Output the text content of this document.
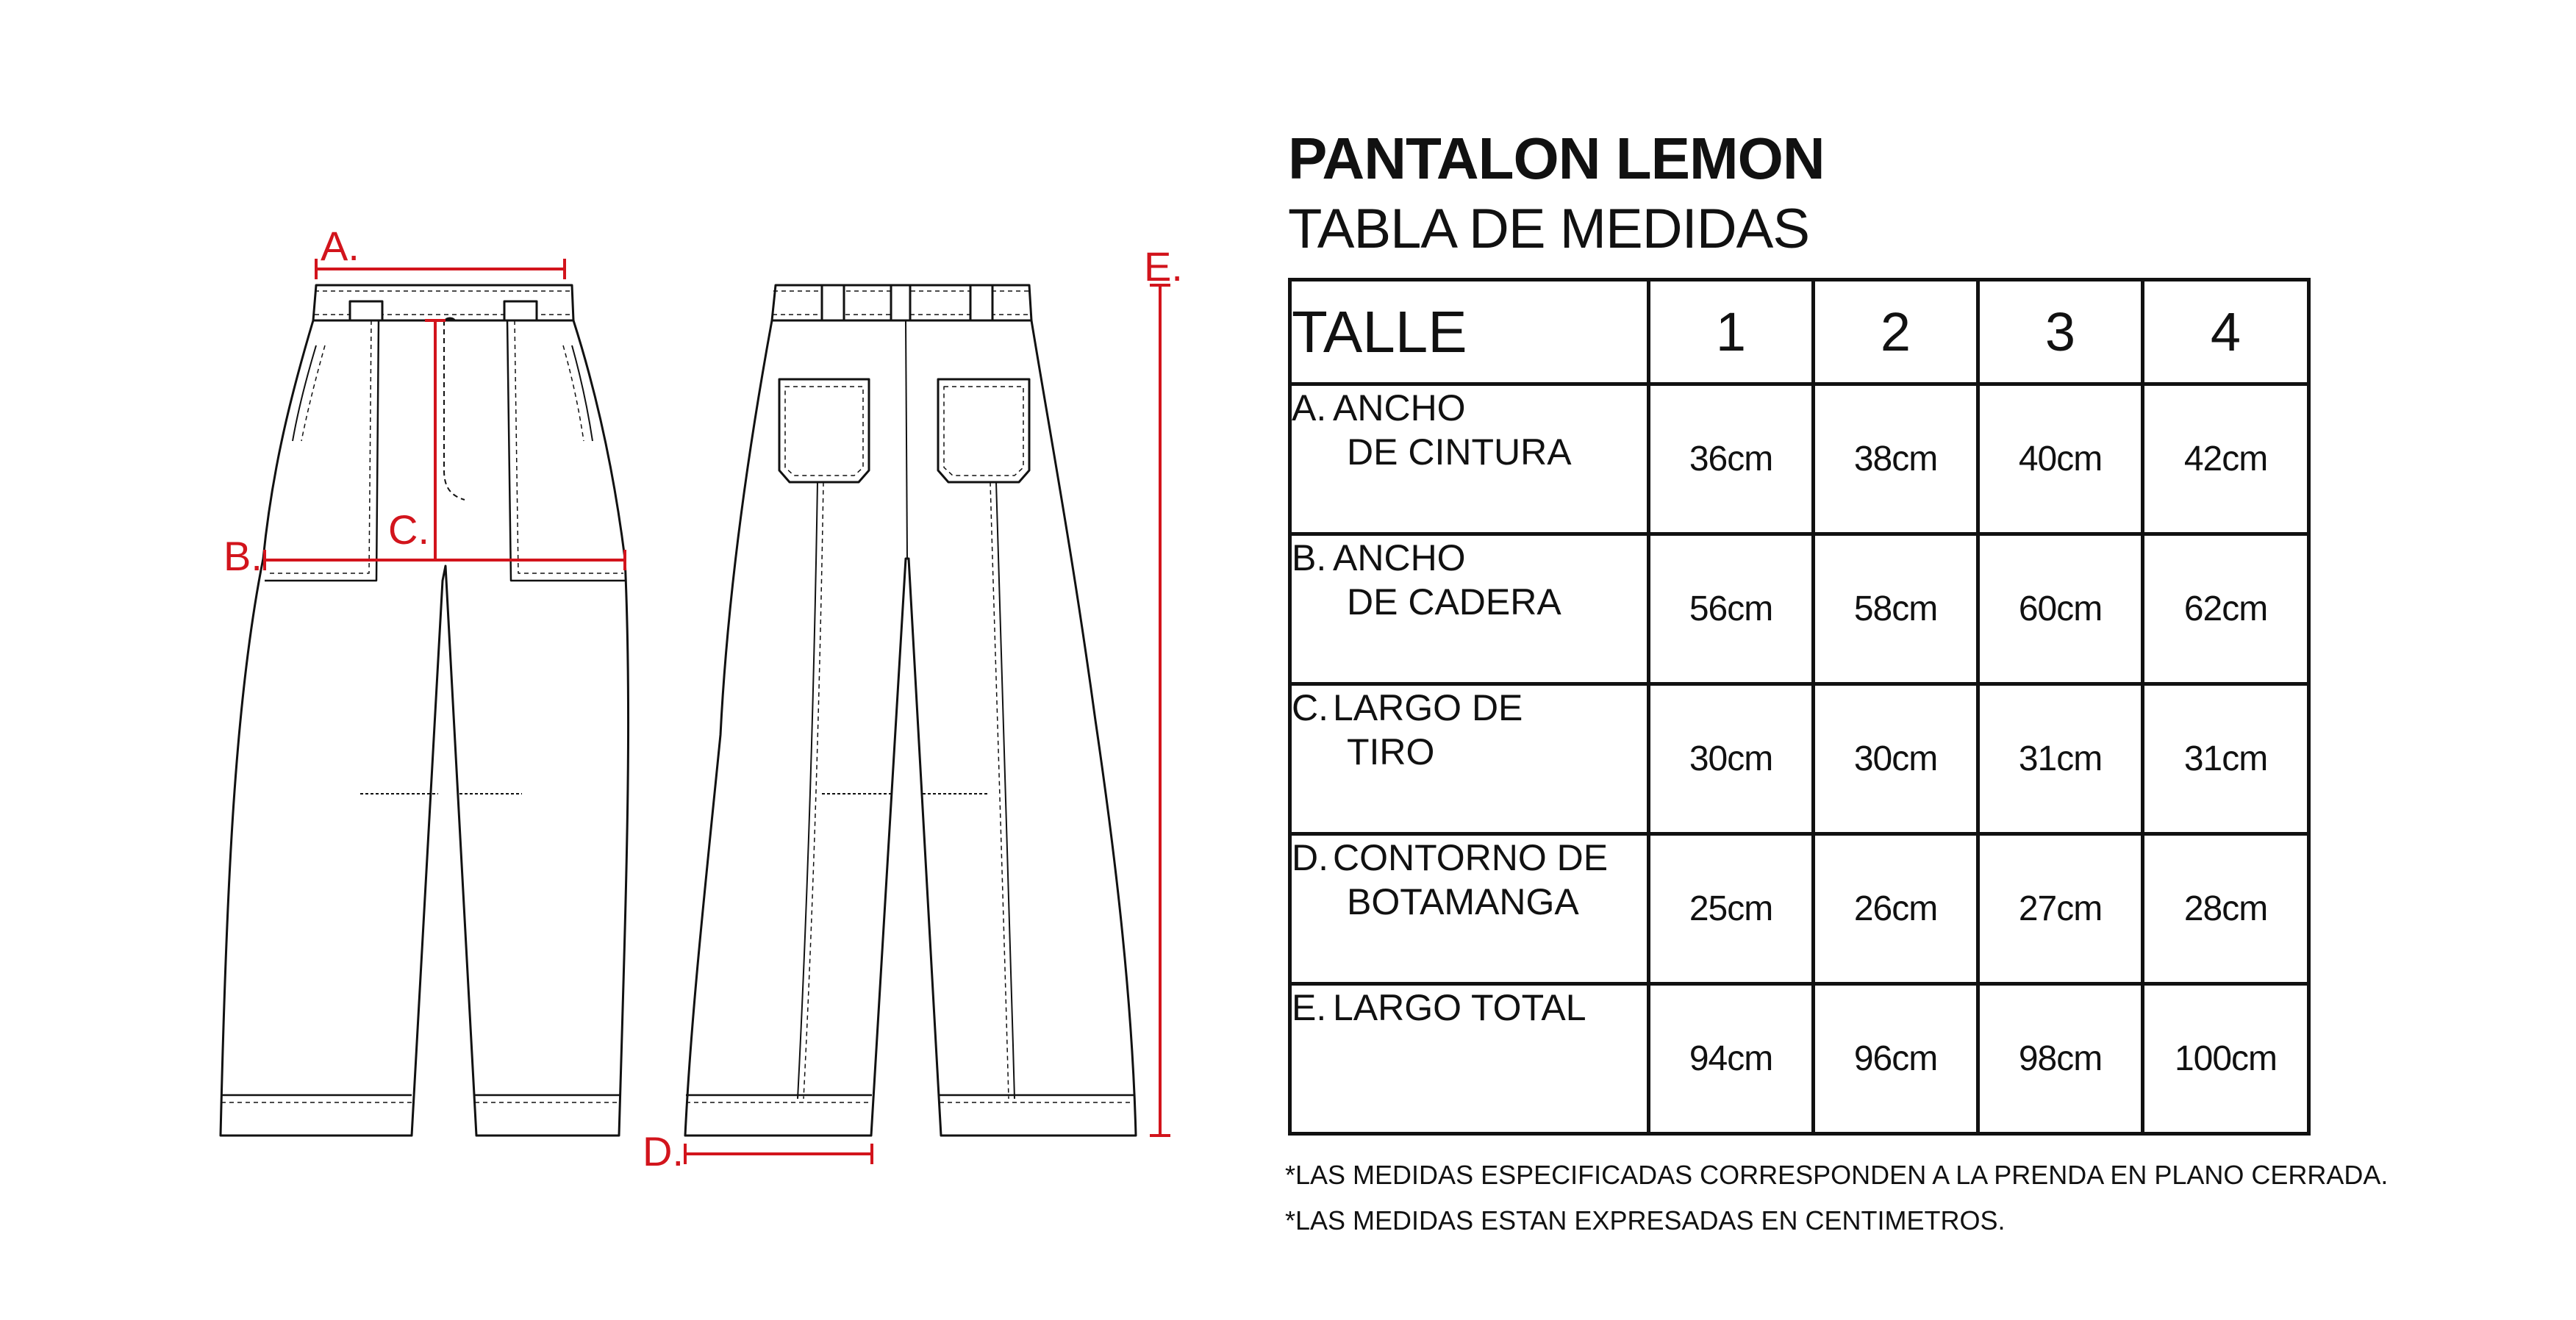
A.
B.
C.
D.
E.
PANTALON LEMON
TABLA DE MEDIDAS
TALLE	1	2	3	4
A. ANCHO
DE CINTURA	36cm	38cm	40cm	42cm
B. ANCHO
DE CADERA	56cm	58cm	60cm	62cm
C. LARGO DE
TIRO	30cm	30cm	31cm	31cm
D. CONTORNO DE
BOTAMANGA	25cm	26cm	27cm	28cm
E. LARGO TOTAL	94cm	96cm	98cm	100cm

*LAS MEDIDAS ESPECIFICADAS CORRESPONDEN A LA PRENDA EN PLANO CERRADA.

*LAS MEDIDAS ESTAN EXPRESADAS EN CENTIMETROS.
